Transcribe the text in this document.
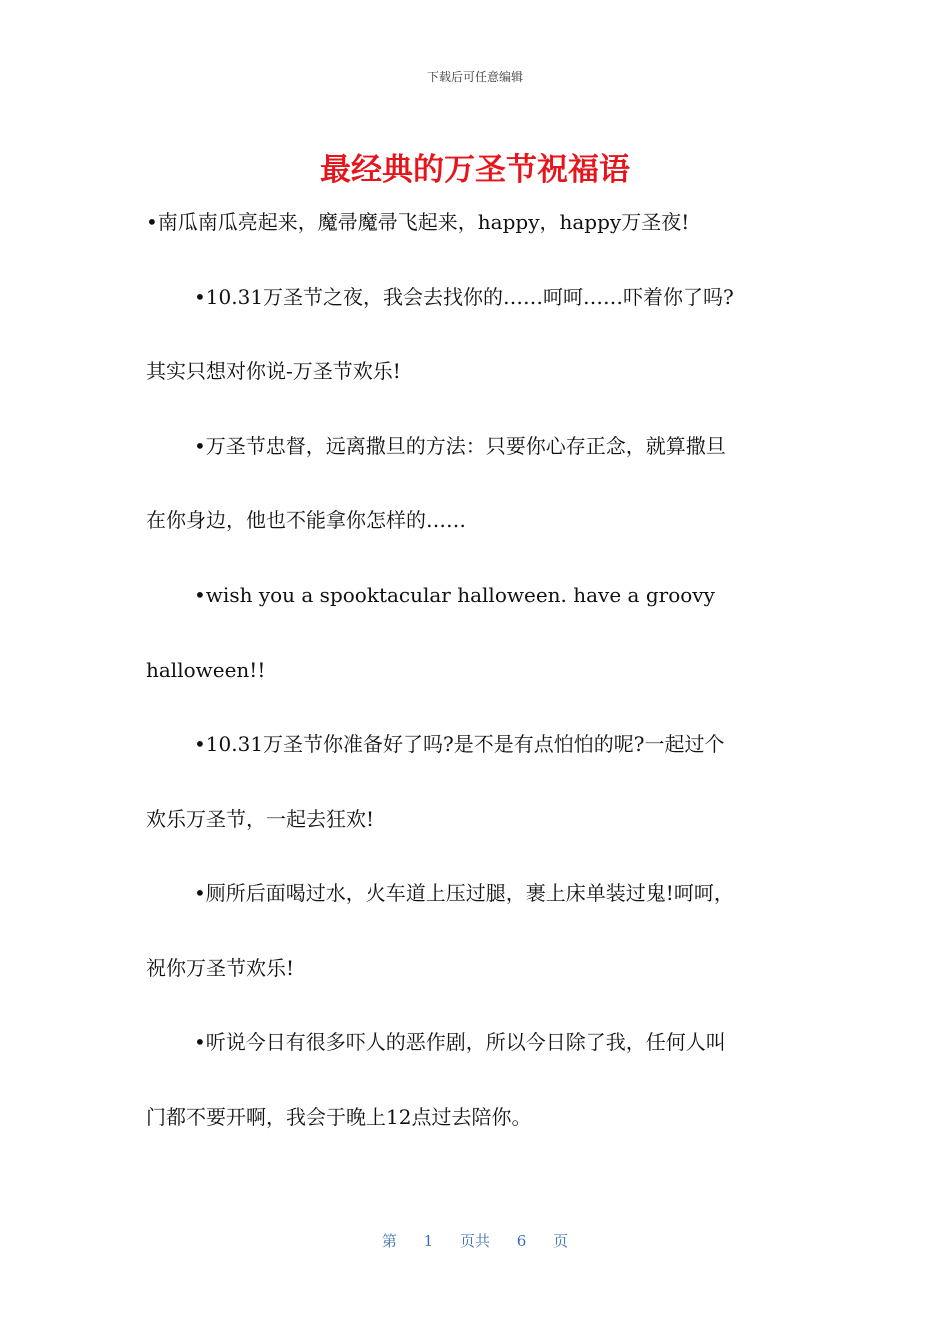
下载后可任意编辑
最经典的万圣节祝福语
•南瓜南瓜亮起来，魔帚魔帚飞起来，happy，happy万圣夜!
•10.31万圣节之夜，我会去找你的……呵呵……吓着你了吗?
其实只想对你说-万圣节欢乐!
•万圣节忠督，远离撒旦的方法：只要你心存正念，就算撒旦
在你身边，他也不能拿你怎样的……
•wish you a spooktacular halloween. have a groovy
halloween!!
•10.31万圣节你准备好了吗?是不是有点怕怕的呢?一起过个
欢乐万圣节，一起去狂欢!
•厕所后面喝过水，火车道上压过腿，裹上床单装过鬼!呵呵，
祝你万圣节欢乐!
•听说今日有很多吓人的恶作剧，所以今日除了我，任何人叫
门都不要开啊，我会于晚上12点过去陪你。
第 1 页共 6 页
